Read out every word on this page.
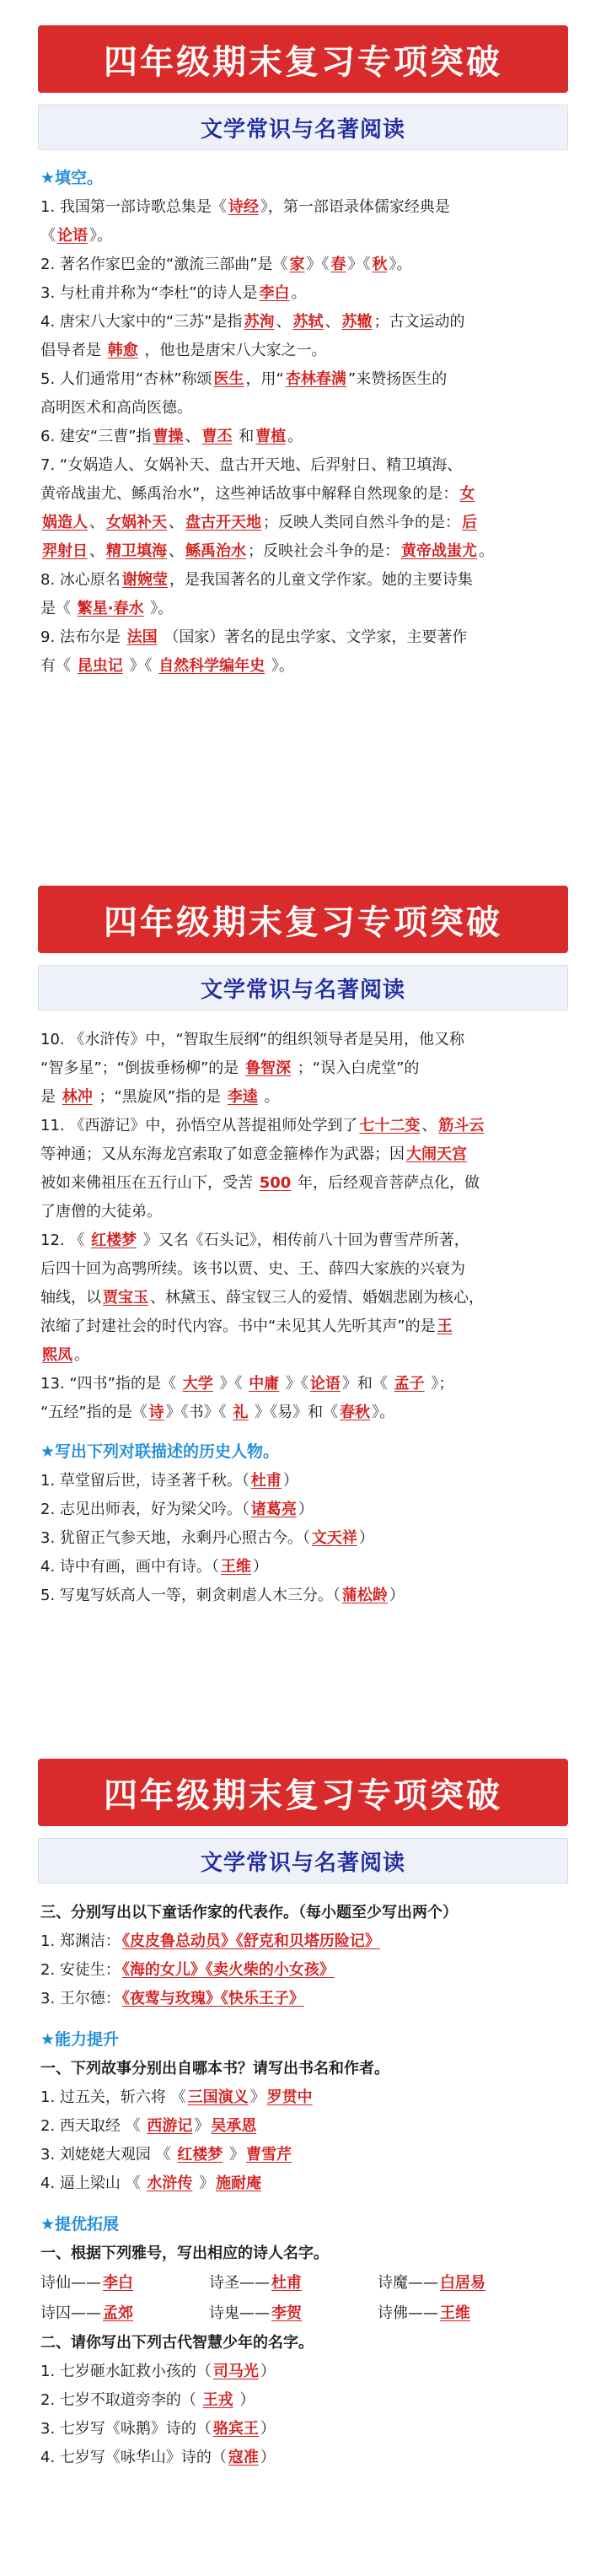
四年级期末复习专项突破
文学常识与名著阅读
★填空。
1. 我国第一部诗歌总集是《 诗经 》，第一部语录体儒家经典是
《 论语 》。
2. 著名作家巴金的“激流三部曲”是《 家 》《 春 》《 秋 》。
3. 与杜甫并称为“李杜”的诗人是 李白 。
4. 唐宋八大家中的“三苏”是指 苏洵 、 苏轼 、 苏辙 ；古文运动的
倡导者是 韩愈 ，他也是唐宋八大家之一。
5. 人们通常用“杏林”称颂 医生 ，用“ 杏林春满 ”来赞扬医生的
高明医术和高尚医德。
6. 建安“三曹”指 曹操 、 曹丕 和 曹植 。
7. “女娲造人、女娲补天、盘古开天地、后羿射日、精卫填海、
黄帝战蚩尤、鲧禹治水”，这些神话故事中解释自然现象的是： 女
娲造人 、 女娲补天 、 盘古开天地 ；反映人类同自然斗争的是： 后
羿射日 、 精卫填海 、 鲧禹治水 ；反映社会斗争的是： 黄帝战蚩尤 。
8. 冰心原名 谢婉莹 ，是我国著名的儿童文学作家。她的主要诗集
是《 繁星·春水 》。
9. 法布尔是 法国 （国家）著名的昆虫学家、文学家，主要著作
有《 昆虫记 》《 自然科学编年史 》。
四年级期末复习专项突破
文学常识与名著阅读
10. 《水浒传》中，“智取生辰纲”的组织领导者是吴用，他又称
“智多星”；“倒拔垂杨柳”的是 鲁智深 ；“误入白虎堂”的
是 林冲 ；“黑旋风”指的是 李逵 。
11. 《西游记》中，孙悟空从菩提祖师处学到了 七十二变 、 筋斗云
等神通；又从东海龙宫索取了如意金箍棒作为武器；因 大闹天宫
被如来佛祖压在五行山下，受苦 500 年，后经观音菩萨点化，做
了唐僧的大徒弟。
12. 《 红楼梦 》又名《石头记》，相传前八十回为曹雪芹所著，
后四十回为高鹗所续。该书以贾、史、王、薛四大家族的兴衰为
轴线，以 贾宝玉 、林黛玉、薛宝钗三人的爱情、婚姻悲剧为核心，
浓缩了封建社会的时代内容。书中“未见其人先听其声”的是 王
熙凤 。
13. “四书”指的是《 大学 》《 中庸 》《 论语 》和《 孟子 》；
“五经”指的是《 诗 》《书》《 礼 》《易》和《 春秋 》。
★写出下列对联描述的历史人物。
1. 草堂留后世，诗圣著千秋。（ 杜甫 ）
2. 志见出师表，好为梁父吟。（ 诸葛亮 ）
3. 犹留正气参天地，永剩丹心照古今。（ 文天祥 ）
4. 诗中有画，画中有诗。（ 王维 ）
5. 写鬼写妖高人一等，刺贪刺虐人木三分。（ 蒲松龄 ）
四年级期末复习专项突破
文学常识与名著阅读
三、分别写出以下童话作家的代表作。（每小题至少写出两个）
1. 郑渊洁： 《皮皮鲁总动员》《舒克和贝塔历险记》
2. 安徒生： 《海的女儿》《卖火柴的小女孩》
3. 王尔德： 《夜莺与玫瑰》《快乐王子》
★能力提升
一、下列故事分别出自哪本书？请写出书名和作者。
1. 过五关，斩六将 《 三国演义 》 罗贯中
2. 西天取经 《 西游记 》 吴承恩
3. 刘姥姥大观园 《 红楼梦 》 曹雪芹
4. 逼上梁山 《 水浒传 》 施耐庵
★提优拓展
一、根据下列雅号，写出相应的诗人名字。
诗仙—— 李白	诗圣—— 杜甫	诗魔—— 白居易
诗囚—— 孟郊	诗鬼—— 李贺	诗佛—— 王维
二、请你写出下列古代智慧少年的名字。
1. 七岁砸水缸救小孩的（ 司马光 ）
2. 七岁不取道旁李的（ 王戎 ）
3. 七岁写《咏鹅》诗的（ 骆宾王 ）
4. 七岁写《咏华山》诗的（ 寇准 ）
